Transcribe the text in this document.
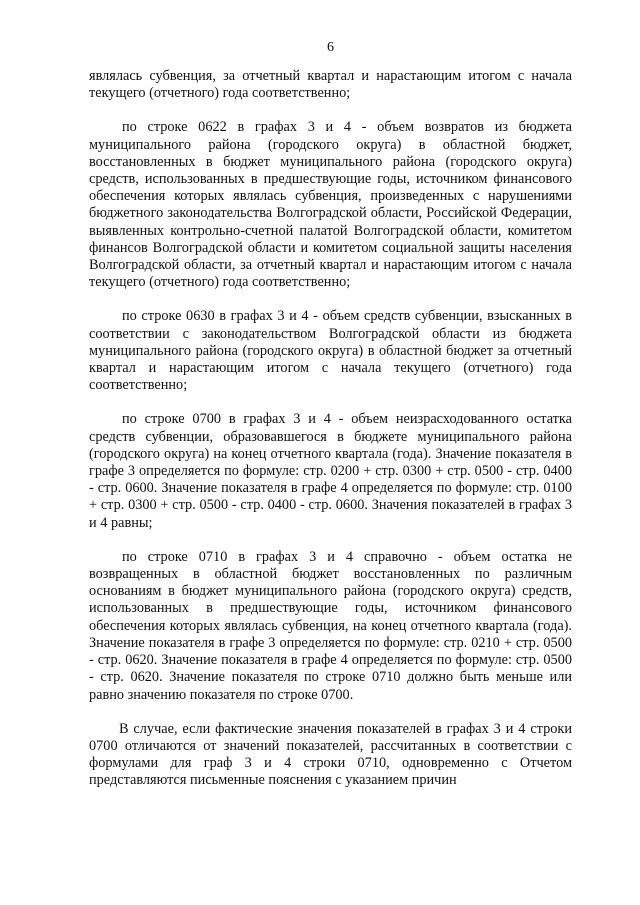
6

являлась субвенция, за отчетный квартал и нарастающим итогом с начала текущего (отчетного) года соответственно;

по строке 0622 в графах 3 и 4 - объем возвратов из бюджета муниципального района (городского округа) в областной бюджет, восстановленных в бюджет муниципального района (городского округа) средств, использованных в предшествующие годы, источником финансового обеспечения которых являлась субвенция, произведенных с нарушениями бюджетного законодательства Волгоградской области, Российской Федерации, выявленных контрольно-счетной палатой Волгоградской области, комитетом финансов Волгоградской области и комитетом социальной защиты населения Волгоградской области, за отчетный квартал и нарастающим итогом с начала текущего (отчетного) года соответственно;

по строке 0630 в графах 3 и 4 - объем средств субвенции, взысканных в соответствии с законодательством Волгоградской области из бюджета муниципального района (городского округа) в областной бюджет за отчетный квартал и нарастающим итогом с начала текущего (отчетного) года соответственно;

по строке 0700 в графах 3 и 4 - объем неизрасходованного остатка средств субвенции, образовавшегося в бюджете муниципального района (городского округа) на конец отчетного квартала (года). Значение показателя в графе 3 определяется по формуле: стр. 0200 + стр. 0300 + стр. 0500 - стр. 0400 - стр. 0600. Значение показателя в графе 4 определяется по формуле: стр. 0100 + стр. 0300 + стр. 0500 - стр. 0400 - стр. 0600. Значения показателей в графах 3 и 4 равны;

по строке 0710 в графах 3 и 4 справочно - объем остатка не возвращенных в областной бюджет восстановленных по различным основаниям в бюджет муниципального района (городского округа) средств, использованных в предшествующие годы, источником финансового обеспечения которых являлась субвенция, на конец отчетного квартала (года). Значение показателя в графе 3 определяется по формуле: стр. 0210 + стр. 0500 - стр. 0620. Значение показателя в графе 4 определяется по формуле: стр. 0500 - стр. 0620. Значение показателя по строке 0710 должно быть меньше или равно значению показателя по строке 0700.

В случае, если фактические значения показателей в графах 3 и 4 строки 0700 отличаются от значений показателей, рассчитанных в соответствии с формулами для граф 3 и 4 строки 0710, одновременно с Отчетом представляются письменные пояснения с указанием причин
